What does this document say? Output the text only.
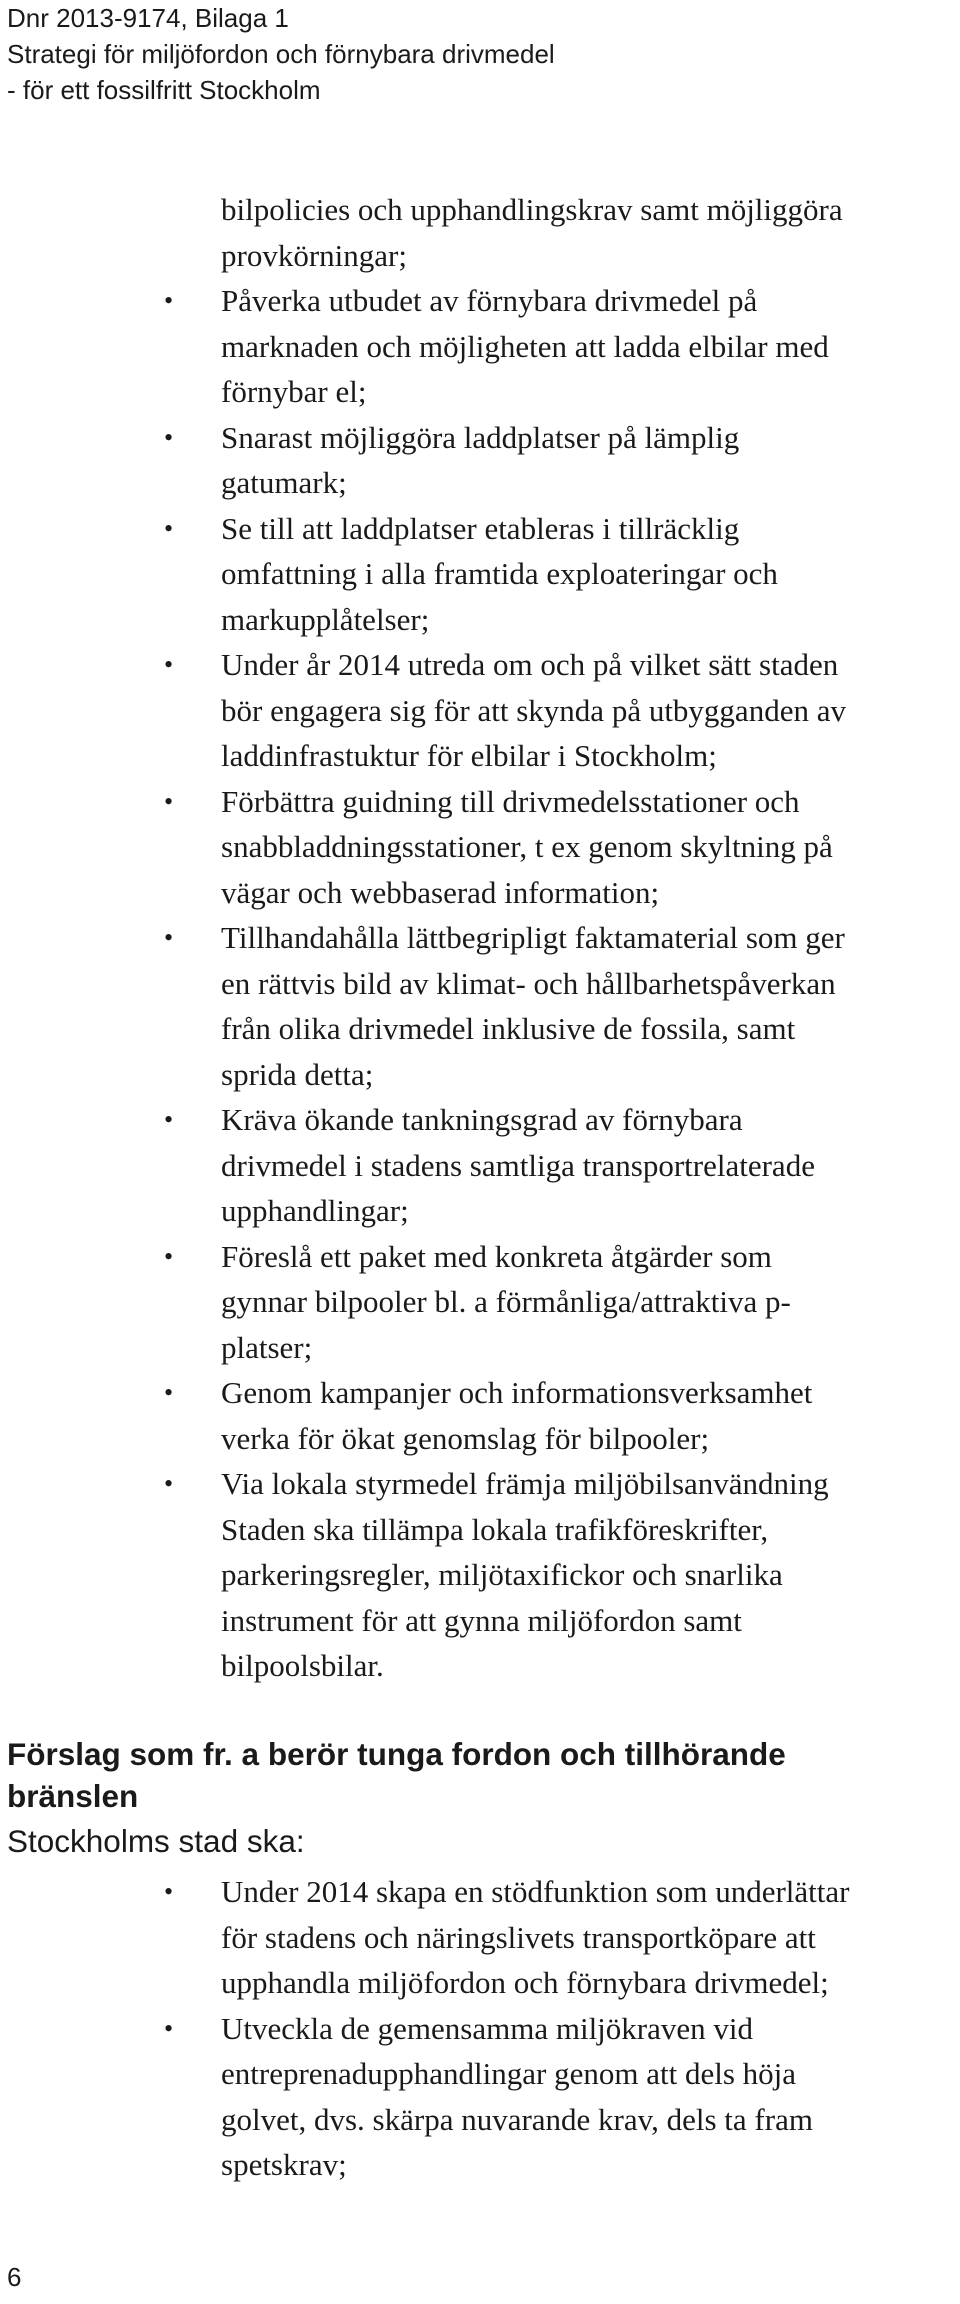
Dnr 2013-9174, Bilaga 1
Strategi för miljöfordon och förnybara drivmedel
- för ett fossilfritt Stockholm
bilpolicies och upphandlingskrav samt möjliggöra
provkörningar;
• Påverka utbudet av förnybara drivmedel på
marknaden och möjligheten att ladda elbilar med
förnybar el;
• Snarast möjliggöra laddplatser på lämplig
gatumark;
• Se till att laddplatser etableras i tillräcklig
omfattning i alla framtida exploateringar och
markupplåtelser;
• Under år 2014 utreda om och på vilket sätt staden
bör engagera sig för att skynda på utbygganden av
laddinfrastuktur för elbilar i Stockholm;
• Förbättra guidning till drivmedelsstationer och
snabbladdningsstationer, t ex genom skyltning på
vägar och webbaserad information;
• Tillhandahålla lättbegripligt faktamaterial som ger
en rättvis bild av klimat- och hållbarhetspåverkan
från olika drivmedel inklusive de fossila, samt
sprida detta;
• Kräva ökande tankningsgrad av förnybara
drivmedel i stadens samtliga transportrelaterade
upphandlingar;
• Föreslå ett paket med konkreta åtgärder som
gynnar bilpooler bl. a förmånliga/attraktiva p-
platser;
• Genom kampanjer och informationsverksamhet
verka för ökat genomslag för bilpooler;
• Via lokala styrmedel främja miljöbilsanvändning
Staden ska tillämpa lokala trafikföreskrifter,
parkeringsregler, miljötaxifickor och snarlika
instrument för att gynna miljöfordon samt
bilpoolsbilar.
Förslag som fr. a berör tunga fordon och tillhörande
bränslen
Stockholms stad ska:
• Under 2014 skapa en stödfunktion som underlättar
för stadens och näringslivets transportköpare att
upphandla miljöfordon och förnybara drivmedel;
• Utveckla de gemensamma miljökraven vid
entreprenadupphandlingar genom att dels höja
golvet, dvs. skärpa nuvarande krav, dels ta fram
spetskrav;
6
